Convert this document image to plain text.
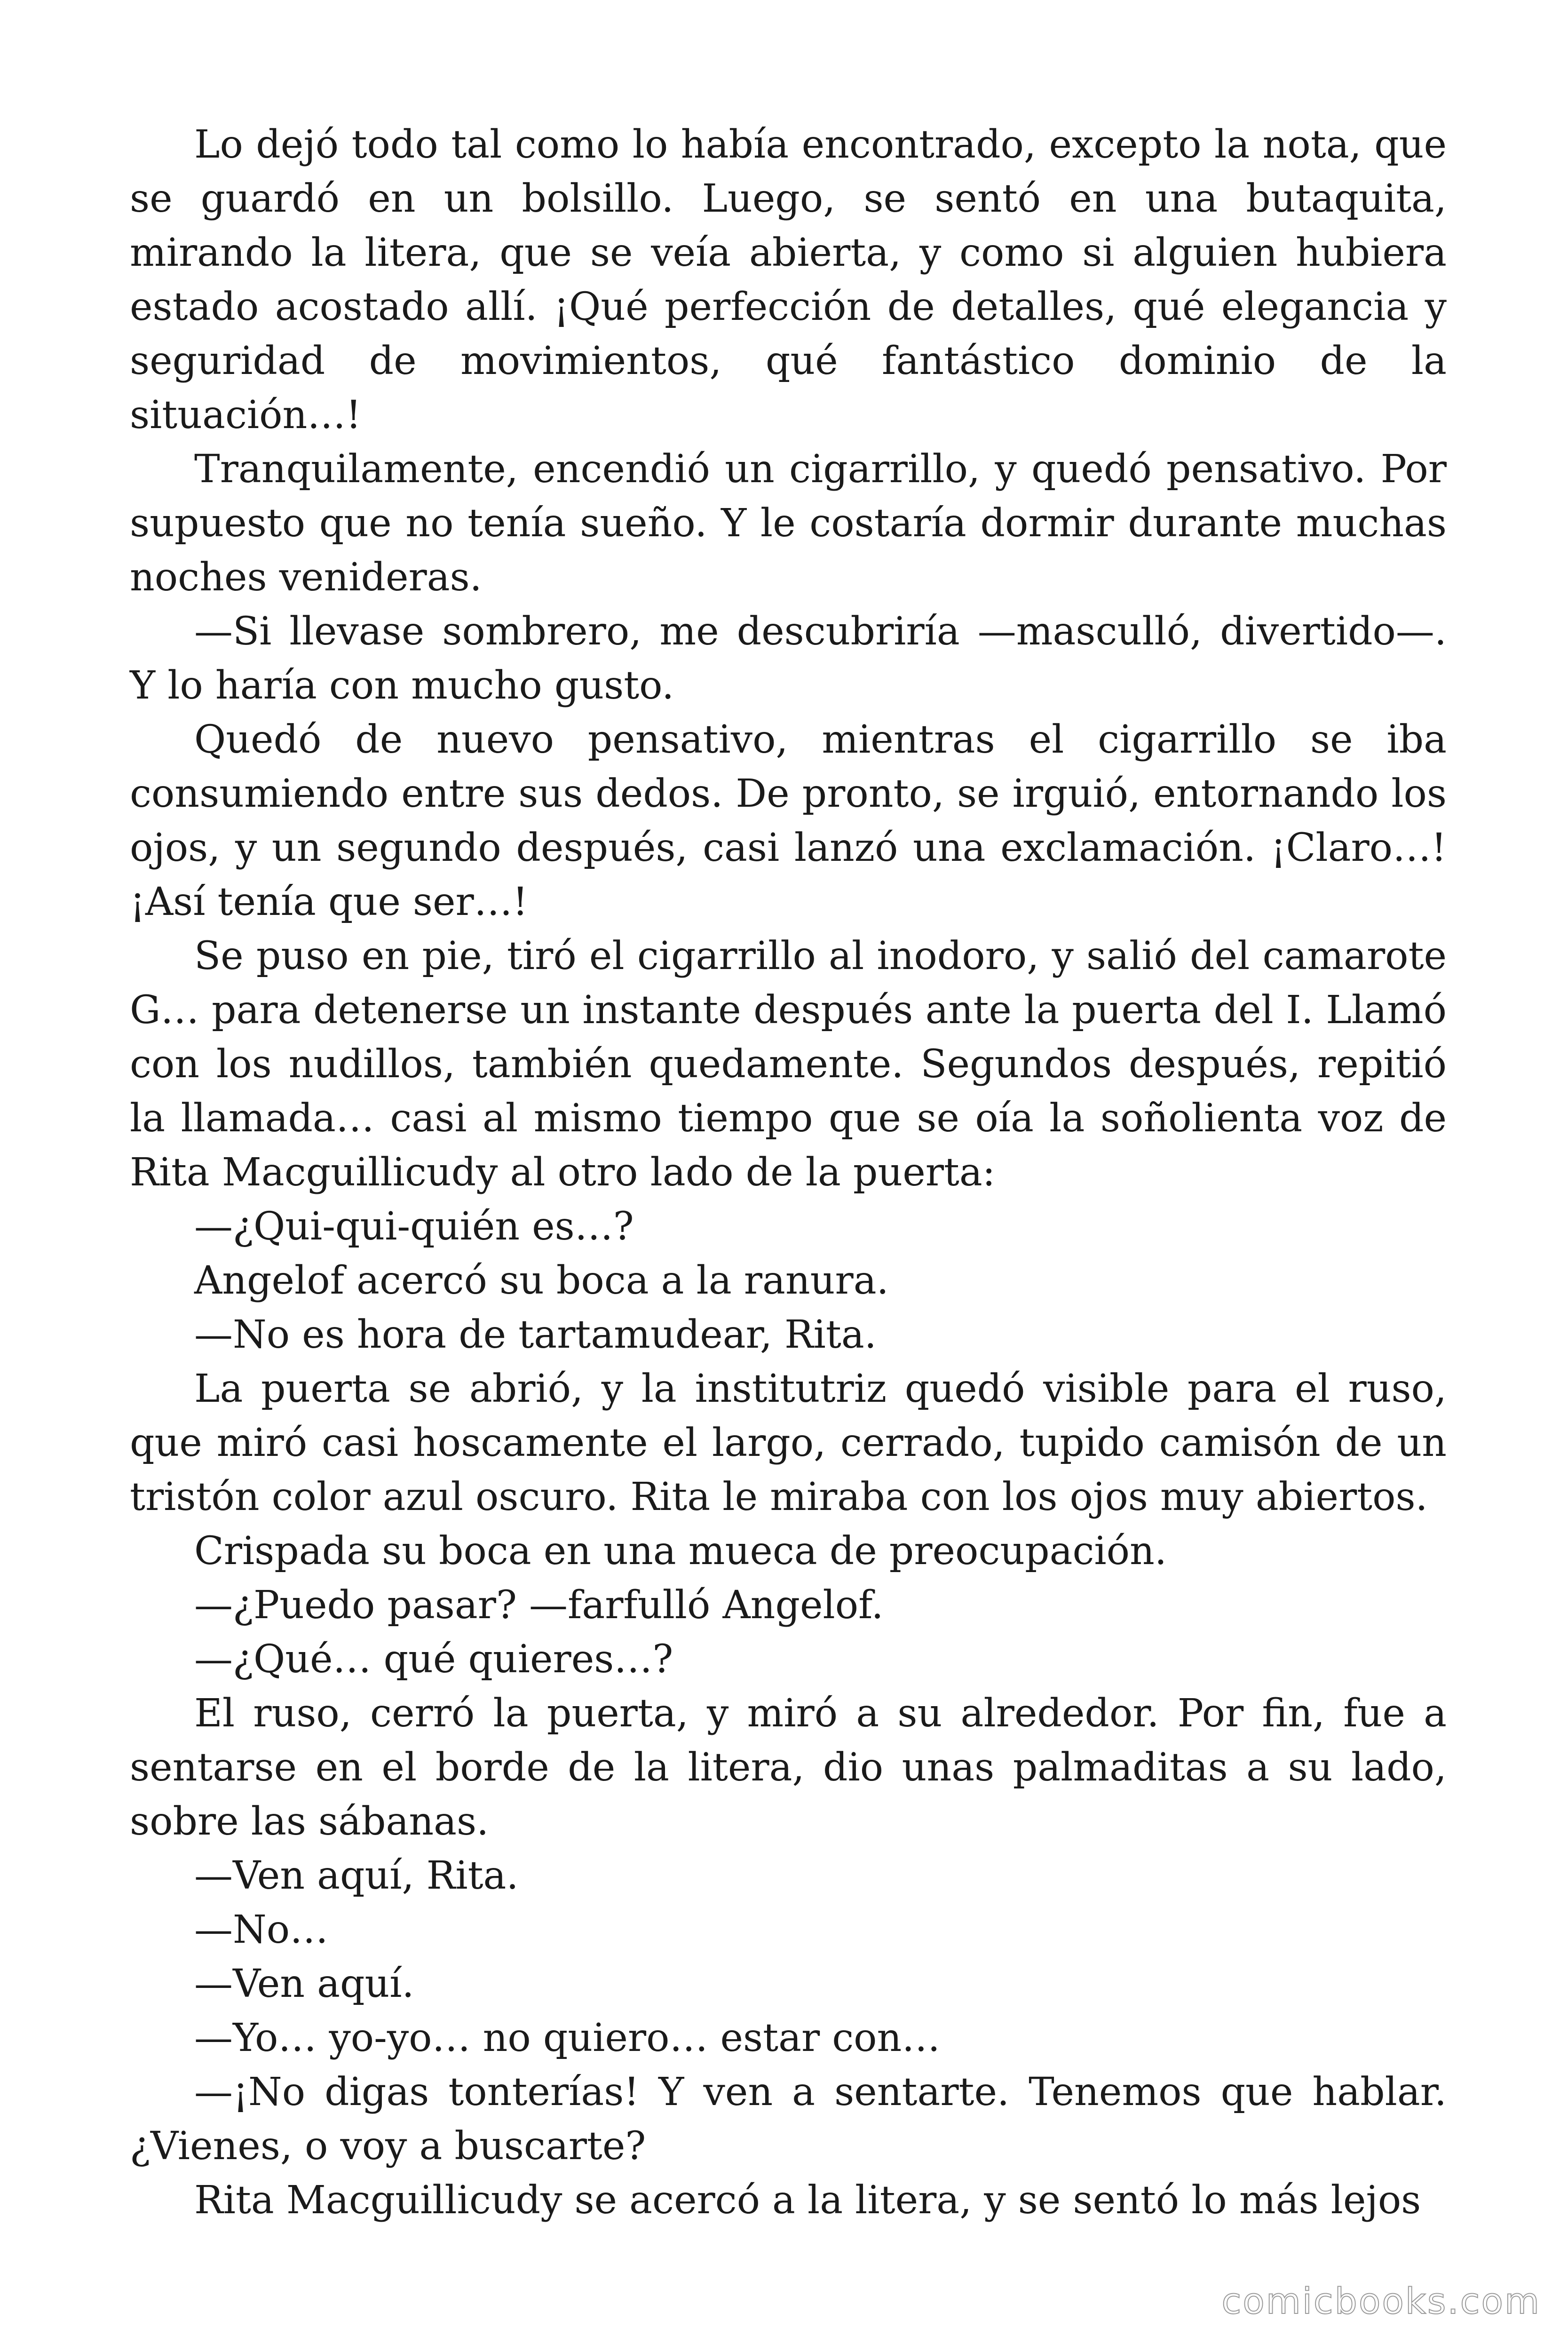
Lo dejó todo tal como lo había encontrado, excepto la nota, que se guardó en un bolsillo. Luego, se sentó en una butaquita, mirando la litera, que se veía abierta, y como si alguien hubiera estado acostado allí. ¡Qué perfección de detalles, qué elegancia y seguridad de movimientos, qué fantástico dominio de la situación…!

Tranquilamente, encendió un cigarrillo, y quedó pensativo. Por supuesto que no tenía sueño. Y le costaría dormir durante muchas noches venideras.

—Si llevase sombrero, me descubriría —masculló, divertido—. Y lo haría con mucho gusto.

Quedó de nuevo pensativo, mientras el cigarrillo se iba consumiendo entre sus dedos. De pronto, se irguió, entornando los ojos, y un segundo después, casi lanzó una exclamación. ¡Claro…! ¡Así tenía que ser…!

Se puso en pie, tiró el cigarrillo al inodoro, y salió del camarote G… para detenerse un instante después ante la puerta del I. Llamó con los nudillos, también quedamente. Segundos después, repitió la llamada… casi al mismo tiempo que se oía la soñolienta voz de Rita Macguillicudy al otro lado de la puerta:

—¿Qui-qui-quién es…?

Angelof acercó su boca a la ranura.

—No es hora de tartamudear, Rita.

La puerta se abrió, y la institutriz quedó visible para el ruso, que miró casi hoscamente el largo, cerrado, tupido camisón de un tristón color azul oscuro. Rita le miraba con los ojos muy abiertos.

Crispada su boca en una mueca de preocupación.

—¿Puedo pasar? —farfulló Angelof.

—¿Qué… qué quieres…?

El ruso, cerró la puerta, y miró a su alrededor. Por fin, fue a sentarse en el borde de la litera, dio unas palmaditas a su lado, sobre las sábanas.

—Ven aquí, Rita.

—No…

—Ven aquí.

—Yo… yo-yo… no quiero… estar con…

—¡No digas tonterías! Y ven a sentarte. Tenemos que hablar. ¿Vienes, o voy a buscarte?

Rita Macguillicudy se acercó a la litera, y se sentó lo más lejos

comicbooks.com
